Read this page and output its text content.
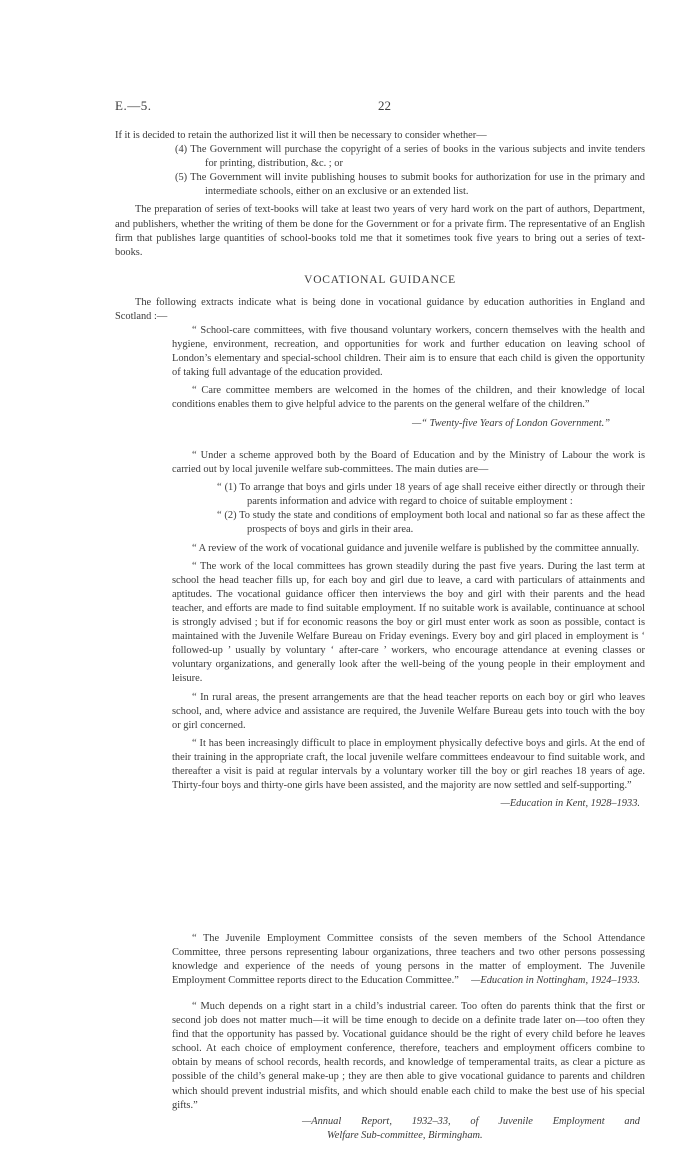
E.—5.	22

If it is decided to retain the authorized list it will then be necessary to consider whether—

(4) The Government will purchase the copyright of a series of books in the various subjects and invite tenders for printing, distribution, &c. ; or

(5) The Government will invite publishing houses to submit books for authorization for use in the primary and intermediate schools, either on an exclusive or an extended list.

The preparation of series of text-books will take at least two years of very hard work on the part of authors, Department, and publishers, whether the writing of them be done for the Government or for a private firm. The representative of an English firm that publishes large quantities of school-books told me that it sometimes took five years to bring out a series of text-books.

VOCATIONAL GUIDANCE

The following extracts indicate what is being done in vocational guidance by education authorities in England and Scotland :—

“ School-care committees, with five thousand voluntary workers, concern themselves with the health and hygiene, environment, recreation, and opportunities for work and further education on leaving school of London’s elementary and special-school children. Their aim is to ensure that each child is given the opportunity of taking full advantage of the education provided.

“ Care committee members are welcomed in the homes of the children, and their knowledge of local conditions enables them to give helpful advice to the parents on the general welfare of the children.”

—“ Twenty-five Years of London Government.”

“ Under a scheme approved both by the Board of Education and by the Ministry of Labour the work is carried out by local juvenile welfare sub-committees. The main duties are—

“ (1) To arrange that boys and girls under 18 years of age shall receive either directly or through their parents information and advice with regard to choice of suitable employment :

“ (2) To study the state and conditions of employment both local and national so far as these affect the prospects of boys and girls in their area.

“ A review of the work of vocational guidance and juvenile welfare is published by the committee annually.

“ The work of the local committees has grown steadily during the past five years. During the last term at school the head teacher fills up, for each boy and girl due to leave, a card with particulars of attainments and aptitudes. The vocational guidance officer then interviews the boy and girl with their parents and the head teacher, and efforts are made to find suitable employment. If no suitable work is available, continuance at school is strongly advised ; but if for economic reasons the boy or girl must enter work as soon as possible, contact is maintained with the Juvenile Welfare Bureau on Friday evenings. Every boy and girl placed in employment is ‘ followed-up ’ usually by voluntary ‘ after-care ’ workers, who encourage attendance at evening classes or voluntary organizations, and generally look after the well-being of the young people in their employment and leisure.

“ In rural areas, the present arrangements are that the head teacher reports on each boy or girl who leaves school, and, where advice and assistance are required, the Juvenile Welfare Bureau gets into touch with the boy or girl concerned.

“ It has been increasingly difficult to place in employment physically defective boys and girls. At the end of their training in the appropriate craft, the local juvenile welfare committees endeavour to find suitable work, and thereafter a visit is paid at regular intervals by a voluntary worker till the boy or girl reaches 18 years of age. Thirty-four boys and thirty-one girls have been assisted, and the majority are now settled and self-supporting.”

—Education in Kent, 1928–1933.

“ The Juvenile Employment Committee consists of the seven members of the School Attendance Committee, three persons representing labour organizations, three teachers and two other persons possessing knowledge and experience of the needs of young persons in the matter of employment. The Juvenile Employment Committee reports direct to the Education Committee.”	—Education in Nottingham, 1924–1933.

“ Much depends on a right start in a child’s industrial career. Too often do parents think that the first or second job does not matter much—it will be time enough to decide on a definite trade later on—too often they find that the opportunity has passed by. Vocational guidance should be the right of every child before he leaves school. At each choice of employment conference, therefore, teachers and employment officers combine to obtain by means of school records, health records, and knowledge of temperamental traits, as clear a picture as possible of the child’s general make-up ; they are then able to give vocational guidance to parents and children which should prevent industrial misfits, and which should enable each child to make the best use of his special gifts.”

—Annual Report, 1932–33, of Juvenile Employment and

Welfare Sub-committee, Birmingham.
